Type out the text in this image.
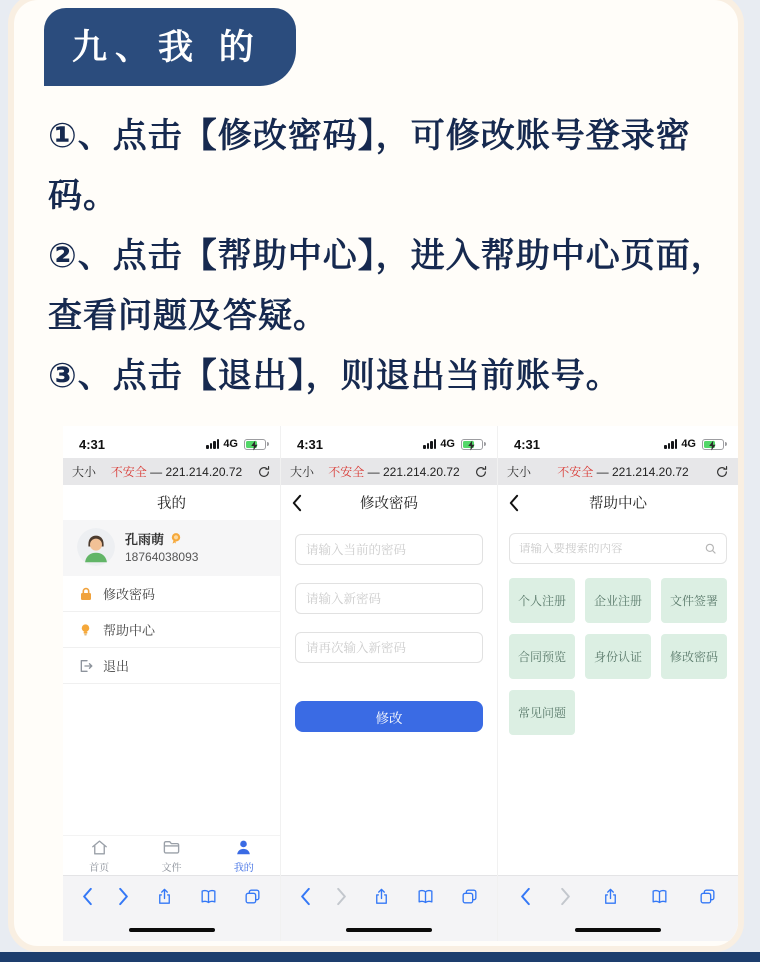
九、我 的

①、点击【修改密码】，可修改账号登录密码。

②、点击【帮助中心】，进入帮助中心页面，查看问题及答疑。

③、点击【退出】，则退出当前账号。

4:31	4G
大小	不安全 — 221.214.20.72
我的
孔雨萌
18764038093
修改密码
帮助中心
退出
首页	文件	我的
4:31	4G
大小	不安全 — 221.214.20.72
修改密码
请输入当前的密码
请输入新密码
请再次输入新密码
修改
4:31	4G
大小	不安全 — 221.214.20.72
帮助中心
请输入要搜索的内容
个人注册	企业注册	文件签署
合同预览	身份认证	修改密码
常见问题
